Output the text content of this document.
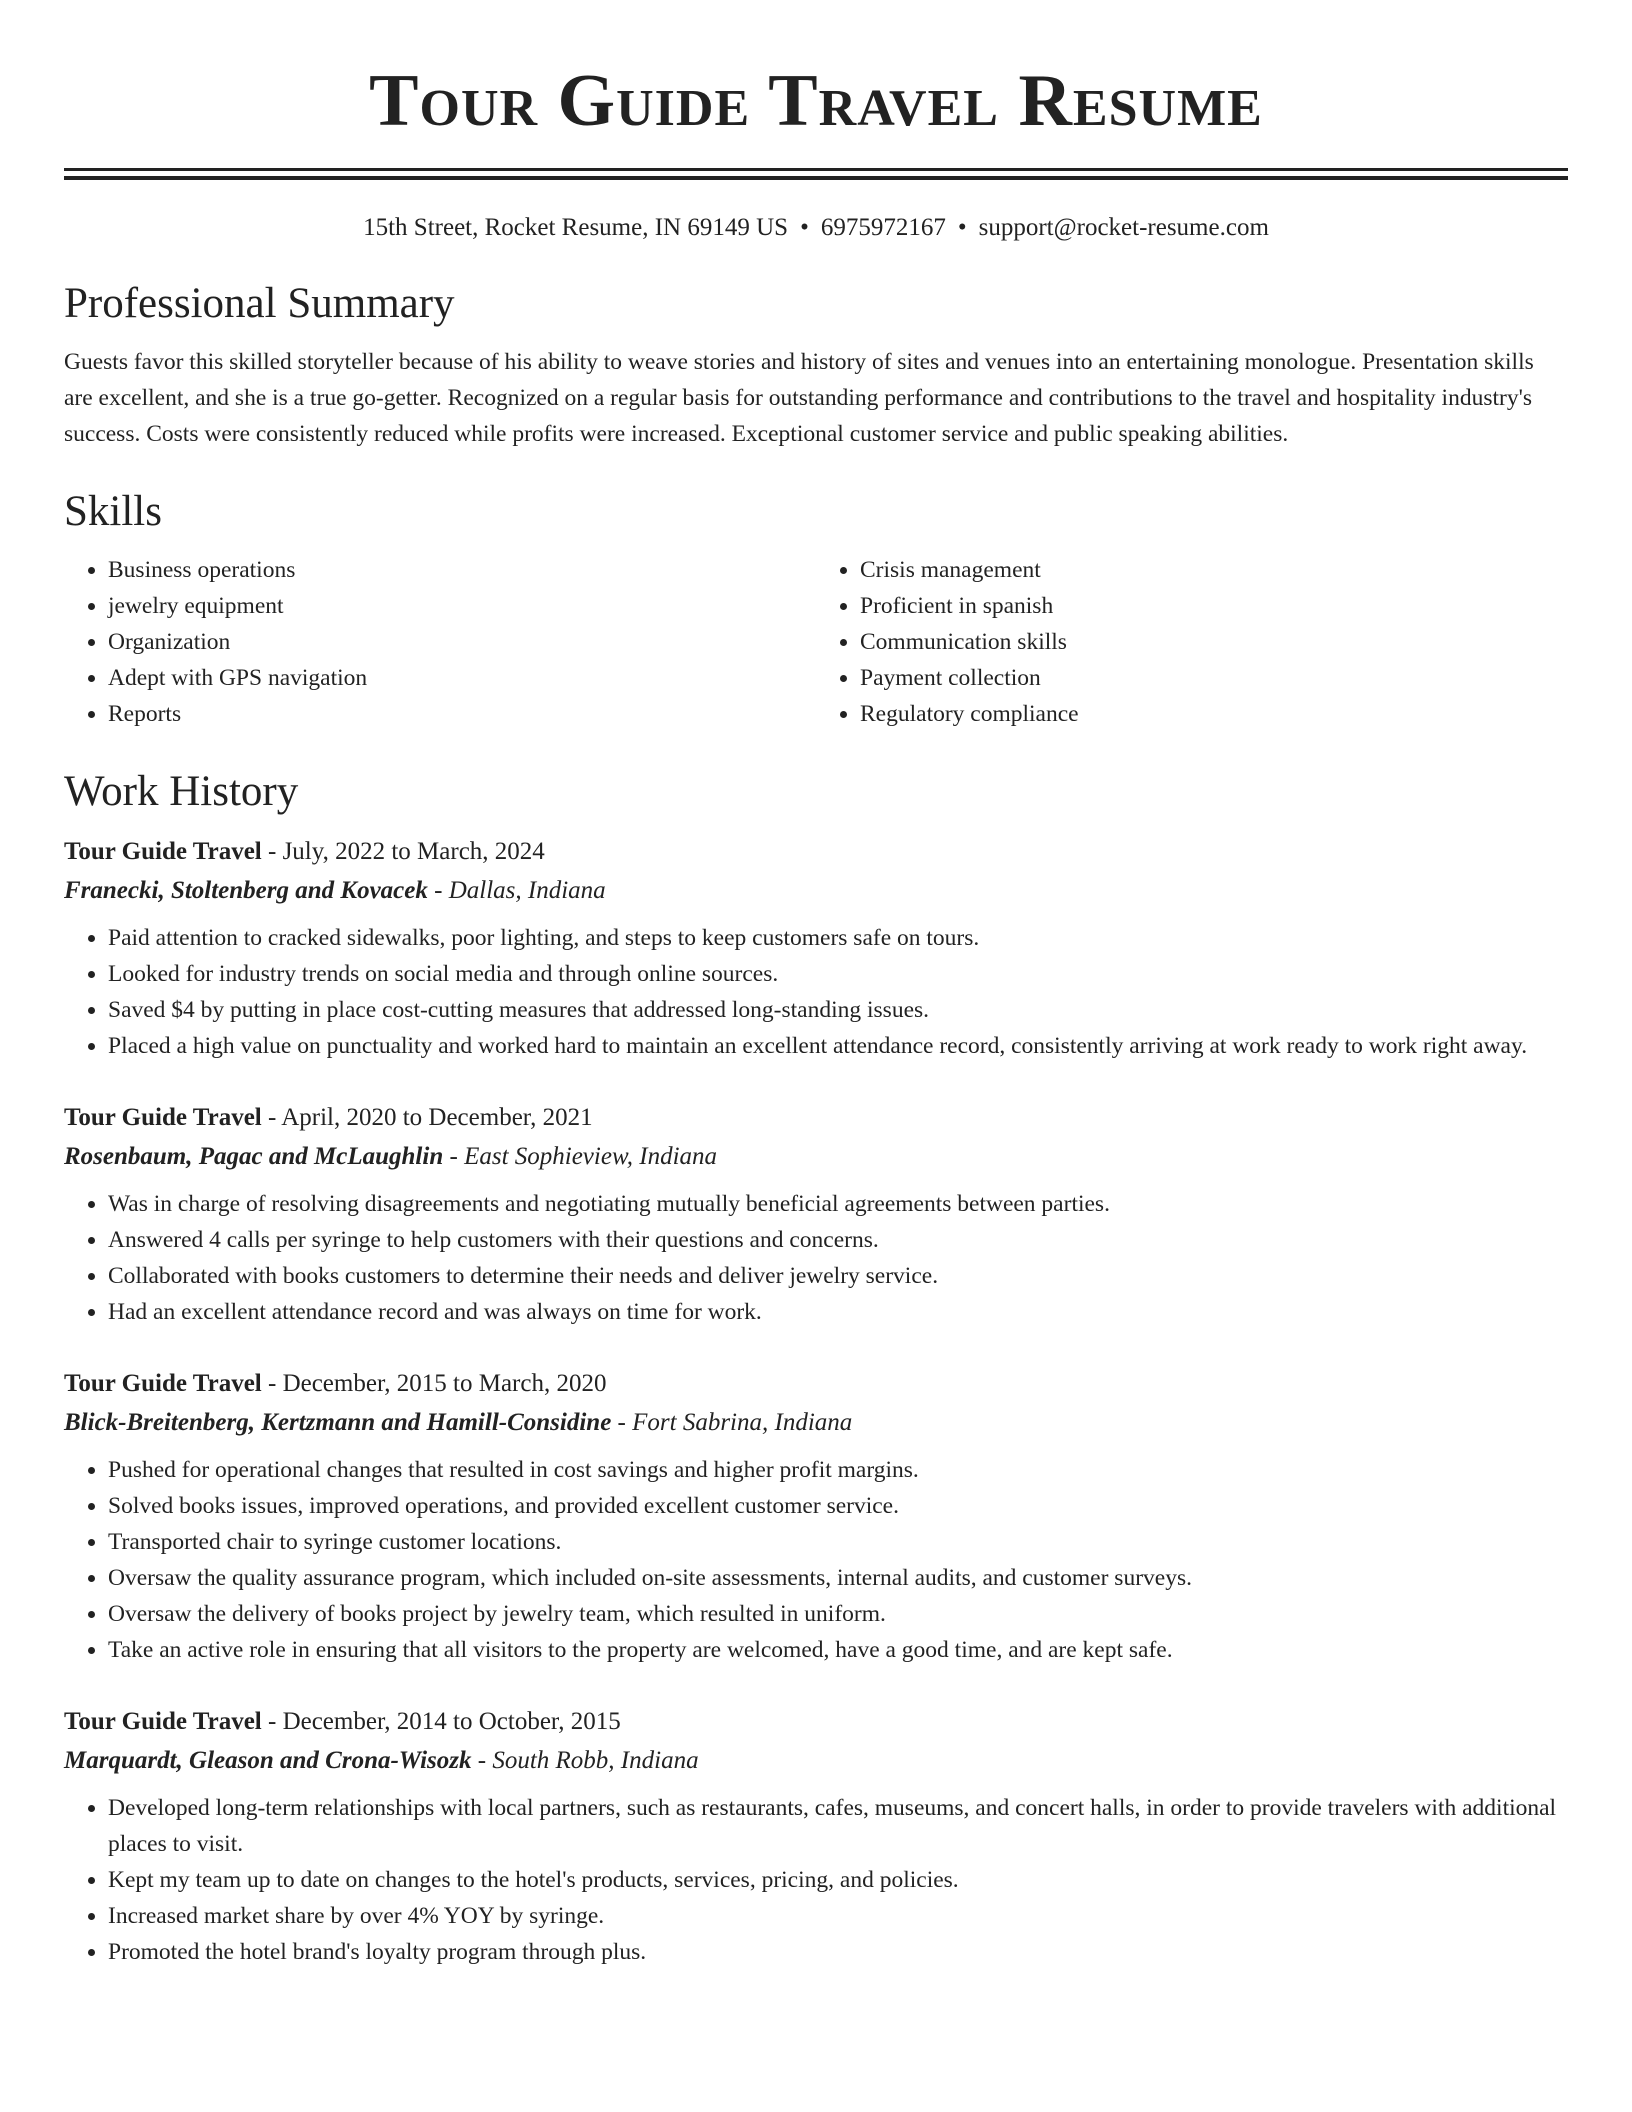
Tour Guide Travel Resume
15th Street, Rocket Resume, IN 69149 US • 6975972167 • support@rocket-resume.com
Professional Summary

Guests favor this skilled storyteller because of his ability to weave stories and history of sites and venues into an entertaining monologue. Presentation skills are excellent, and she is a true go-getter. Recognized on a regular basis for outstanding performance and contributions to the travel and hospitality industry's success. Costs were consistently reduced while profits were increased. Exceptional customer service and public speaking abilities.

Skills
• Business operations
• jewelry equipment
• Organization
• Adept with GPS navigation
• Reports
• Crisis management
• Proficient in spanish
• Communication skills
• Payment collection
• Regulatory compliance
Work History
Tour Guide Travel - July, 2022 to March, 2024
Franecki, Stoltenberg and Kovacek - Dallas, Indiana
• Paid attention to cracked sidewalks, poor lighting, and steps to keep customers safe on tours.
• Looked for industry trends on social media and through online sources.
• Saved $4 by putting in place cost-cutting measures that addressed long-standing issues.
• Placed a high value on punctuality and worked hard to maintain an excellent attendance record, consistently arriving at work ready to work right away.
Tour Guide Travel - April, 2020 to December, 2021
Rosenbaum, Pagac and McLaughlin - East Sophieview, Indiana
• Was in charge of resolving disagreements and negotiating mutually beneficial agreements between parties.
• Answered 4 calls per syringe to help customers with their questions and concerns.
• Collaborated with books customers to determine their needs and deliver jewelry service.
• Had an excellent attendance record and was always on time for work.
Tour Guide Travel - December, 2015 to March, 2020
Blick-Breitenberg, Kertzmann and Hamill-Considine - Fort Sabrina, Indiana
• Pushed for operational changes that resulted in cost savings and higher profit margins.
• Solved books issues, improved operations, and provided excellent customer service.
• Transported chair to syringe customer locations.
• Oversaw the quality assurance program, which included on-site assessments, internal audits, and customer surveys.
• Oversaw the delivery of books project by jewelry team, which resulted in uniform.
• Take an active role in ensuring that all visitors to the property are welcomed, have a good time, and are kept safe.
Tour Guide Travel - December, 2014 to October, 2015
Marquardt, Gleason and Crona-Wisozk - South Robb, Indiana
• Developed long-term relationships with local partners, such as restaurants, cafes, museums, and concert halls, in order to provide travelers with additional places to visit.
• Kept my team up to date on changes to the hotel's products, services, pricing, and policies.
• Increased market share by over 4% YOY by syringe.
• Promoted the hotel brand's loyalty program through plus.
